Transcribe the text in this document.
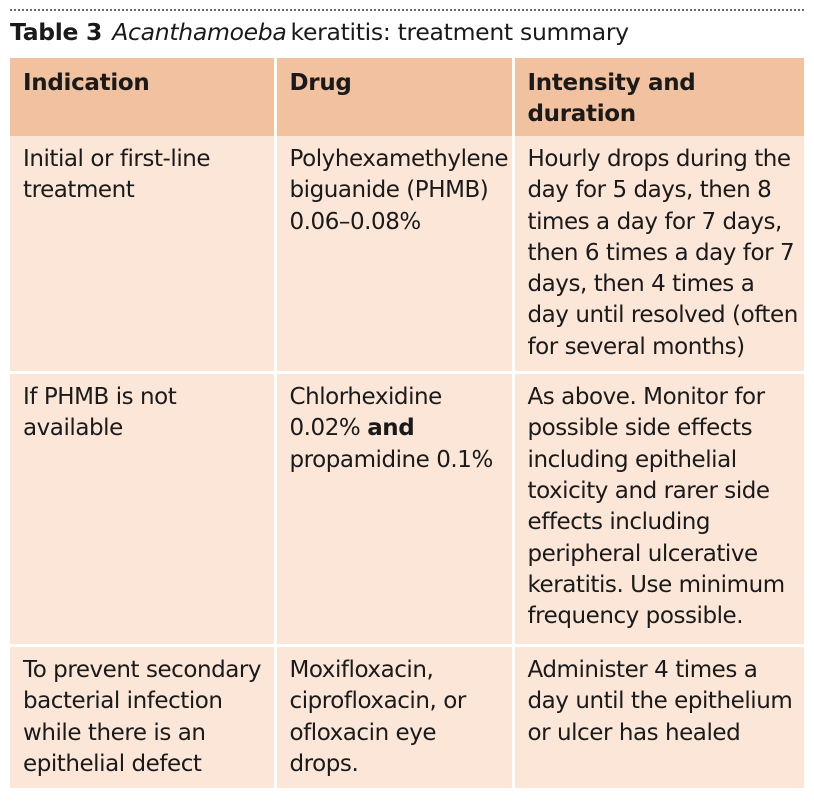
Table 3 Acanthamoeba keratitis: treatment summary
Indication	Drug	Intensity and duration
Initial or first-line treatment	Polyhexamethylene biguanide (PHMB) 0.06–0.08%	Hourly drops during the day for 5 days, then 8 times a day for 7 days, then 6 times a day for 7 days, then 4 times a day until resolved (often for several months)
If PHMB is not available	Chlorhexidine 0.02% and propamidine 0.1%	As above. Monitor for possible side effects including epithelial toxicity and rarer side effects including peripheral ulcerative keratitis. Use minimum frequency possible.
To prevent secondary bacterial infection while there is an epithelial defect	Moxifloxacin, ciprofloxacin, or ofloxacin eye drops.	Administer 4 times a day until the epithelium or ulcer has healed
